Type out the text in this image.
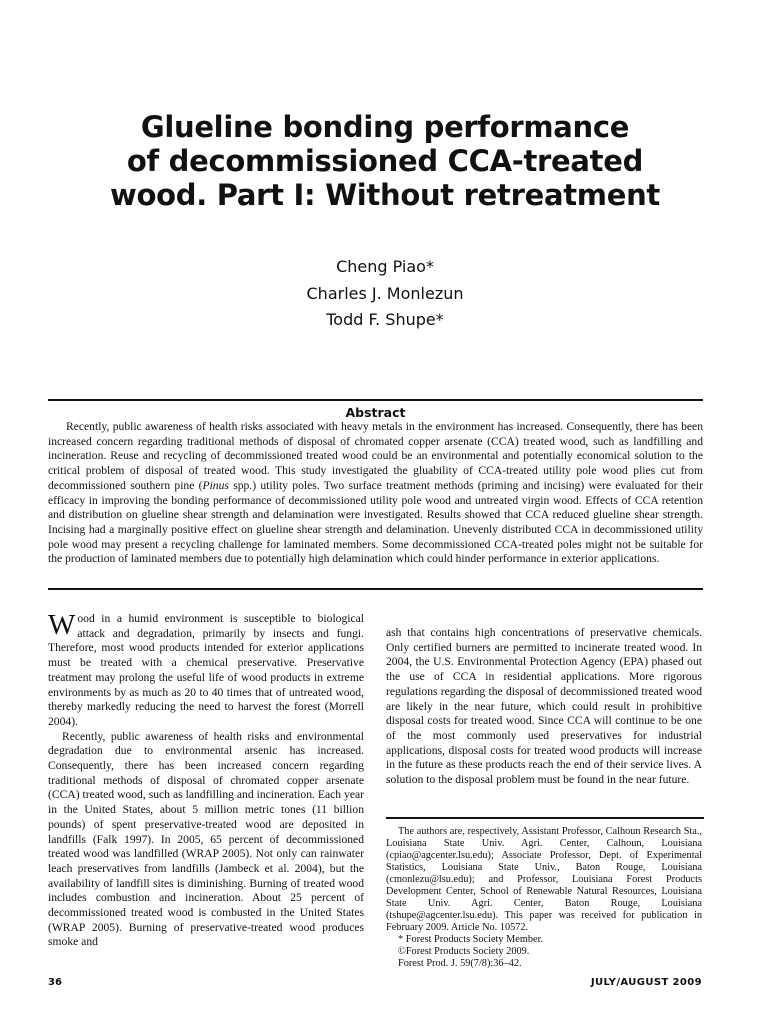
Glueline bonding performance
of decommissioned CCA-treated
wood. Part I: Without retreatment
Cheng Piao*
Charles J. Monlezun
Todd F. Shupe*
Abstract

Recently, public awareness of health risks associated with heavy metals in the environment has increased. Consequently, there has been increased concern regarding traditional methods of disposal of chromated copper arsenate (CCA) treated wood, such as landfilling and incineration. Reuse and recycling of decommissioned treated wood could be an environmental and potentially economical solution to the critical problem of disposal of treated wood. This study investigated the gluability of CCA-treated utility pole wood plies cut from decommissioned southern pine (Pinus spp.) utility poles. Two surface treatment methods (priming and incising) were evaluated for their efficacy in improving the bonding performance of decommissioned utility pole wood and untreated virgin wood. Effects of CCA retention and distribution on glueline shear strength and delamination were investigated. Results showed that CCA reduced glueline shear strength. Incising had a marginally positive effect on glueline shear strength and delamination. Unevenly distributed CCA in decommissioned utility pole wood may present a recycling challenge for laminated members. Some decommissioned CCA-treated poles might not be suitable for the production of laminated members due to potentially high delamination which could hinder performance in exterior applications.

Wood in a humid environment is susceptible to biological attack and degradation, primarily by insects and fungi. Therefore, most wood products intended for exterior applications must be treated with a chemical preservative. Preservative treatment may prolong the useful life of wood products in extreme environments by as much as 20 to 40 times that of untreated wood, thereby markedly reducing the need to harvest the forest (Morrell 2004).

Recently, public awareness of health risks and environmental degradation due to environmental arsenic has increased. Consequently, there has been increased concern regarding traditional methods of disposal of chromated copper arsenate (CCA) treated wood, such as landfilling and incineration. Each year in the United States, about 5 million metric tones (11 billion pounds) of spent preservative-treated wood are deposited in landfills (Falk 1997). In 2005, 65 percent of decommissioned treated wood was landfilled (WRAP 2005). Not only can rainwater leach preservatives from landfills (Jambeck et al. 2004), but the availability of landfill sites is diminishing. Burning of treated wood includes combustion and incineration. About 25 percent of decommissioned treated wood is combusted in the United States (WRAP 2005). Burning of preservative-treated wood produces smoke and

ash that contains high concentrations of preservative chemicals. Only certified burners are permitted to incinerate treated wood. In 2004, the U.S. Environmental Protection Agency (EPA) phased out the use of CCA in residential applications. More rigorous regulations regarding the disposal of decommissioned treated wood are likely in the near future, which could result in prohibitive disposal costs for treated wood. Since CCA will continue to be one of the most commonly used preservatives for industrial applications, disposal costs for treated wood products will increase in the future as these products reach the end of their service lives. A solution to the disposal problem must be found in the near future.

The authors are, respectively, Assistant Professor, Calhoun Research Sta., Louisiana State Univ. Agri. Center, Calhoun, Louisiana (cpiao@agcenter.lsu.edu); Associate Professor, Dept. of Experimental Statistics, Louisiana State Univ., Baton Rouge, Louisiana (cmonlezu@lsu.edu); and Professor, Louisiana Forest Products Development Center, School of Renewable Natural Resources, Louisiana State Univ. Agri. Center, Baton Rouge, Louisiana (tshupe@agcenter.lsu.edu). This paper was received for publication in February 2009. Article No. 10572.

* Forest Products Society Member.
©Forest Products Society 2009.
Forest Prod. J. 59(7/8):36–42.
36	JULY/AUGUST 2009
